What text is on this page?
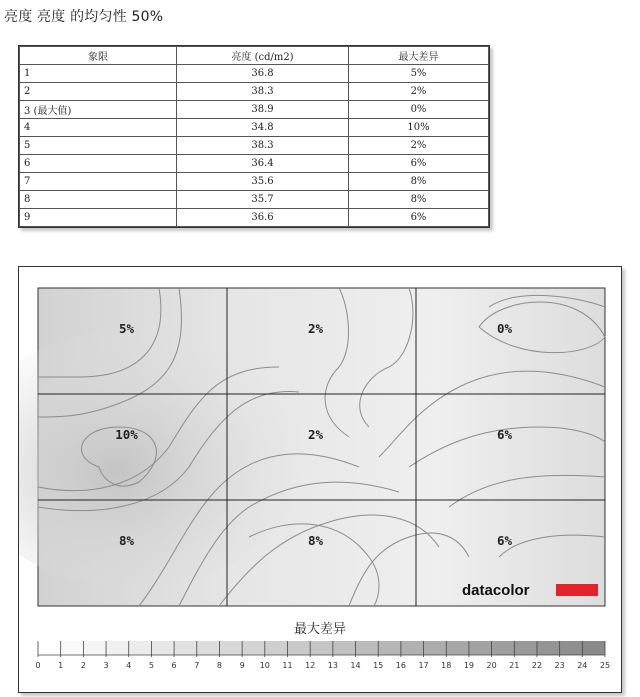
亮度 亮度 的均匀性 50%
象限	亮度 (cd/m2)	最大差异
1	36.8	5%
2	38.3	2%
3 (最大值)	38.9	0%
4	34.8	10%
5	38.3	2%
6	36.4	6%
7	35.6	8%
8	35.7	8%
9	36.6	6%
5%	2%	0%
10%	2%	6%
8%	8%	6%
datacolor
最大差异
0 1 2 3 4 5 6 7 8 9 10 11 12 13 14 15 16 17 18 19 20 21 22 23 24 25
